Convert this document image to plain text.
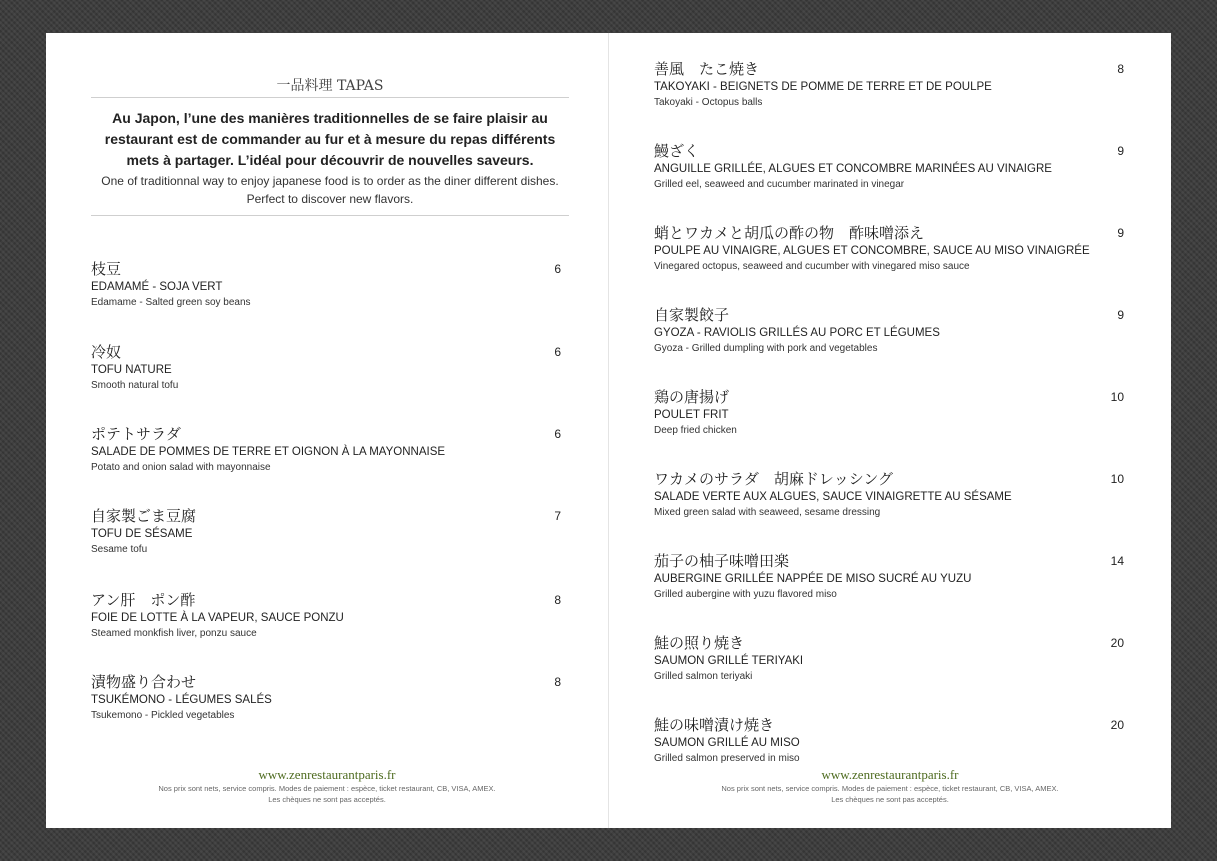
一品料理 TAPAS
Au Japon, l’une des manières traditionnelles de se faire plaisir au restaurant est de commander au fur et à mesure du repas différents mets à partager. L’idéal pour découvrir de nouvelles saveurs.
One of traditionnal way to enjoy japanese food is to order as the diner different dishes.
Perfect to discover new flavors.
枝豆
EDAMAMÉ - SOJA VERT
Edamame - Salted green soy beans
6
冷奴
TOFU NATURE
Smooth natural tofu
6
ポテトサラダ
SALADE DE POMMES DE TERRE ET OIGNON À LA MAYONNAISE
Potato and onion salad with mayonnaise
6
自家製ごま豆腐
TOFU DE SÉSAME
Sesame tofu
7
アン肝　ポン酢
FOIE DE LOTTE À LA VAPEUR, SAUCE PONZU
Steamed monkfish liver, ponzu sauce
8
漬物盛り合わせ
TSUKÉMONO - LÉGUMES SALÉS
Tsukemono - Pickled vegetables
8
www.zenrestaurantparis.fr
Nos prix sont nets, service compris. Modes de paiement : espèce, ticket restaurant, CB, VISA, AMEX.
Les chèques ne sont pas acceptés.
善風　たこ焼き
TAKOYAKI - BEIGNETS DE POMME DE TERRE ET DE POULPE
Takoyaki - Octopus balls
8
鰻ざく
ANGUILLE GRILLÉE, ALGUES ET CONCOMBRE MARINÉES AU VINAIGRE
Grilled eel, seaweed and cucumber marinated in vinegar
9
蛸とワカメと胡瓜の酢の物　酢味噌添え
POULPE AU VINAIGRE, ALGUES ET CONCOMBRE, SAUCE AU MISO VINAIGRÉE
Vinegared octopus, seaweed and cucumber with vinegared miso sauce
9
自家製餃子
GYOZA - RAVIOLIS GRILLÉS AU PORC ET LÉGUMES
Gyoza - Grilled dumpling with pork and vegetables
9
鶏の唐揚げ
POULET FRIT
Deep fried chicken
10
ワカメのサラダ　胡麻ドレッシング
SALADE VERTE AUX ALGUES, SAUCE VINAIGRETTE AU SÉSAME
Mixed green salad with seaweed, sesame dressing
10
茄子の柚子味噌田楽
AUBERGINE GRILLÉE NAPPÉE DE MISO SUCRÉ AU YUZU
Grilled aubergine with yuzu flavored miso
14
鮭の照り焼き
SAUMON GRILLÉ TERIYAKI
Grilled salmon teriyaki
20
鮭の味噌漬け焼き
SAUMON GRILLÉ AU MISO
Grilled salmon preserved in miso
20
www.zenrestaurantparis.fr
Nos prix sont nets, service compris. Modes de paiement : espèce, ticket restaurant, CB, VISA, AMEX.
Les chèques ne sont pas acceptés.
